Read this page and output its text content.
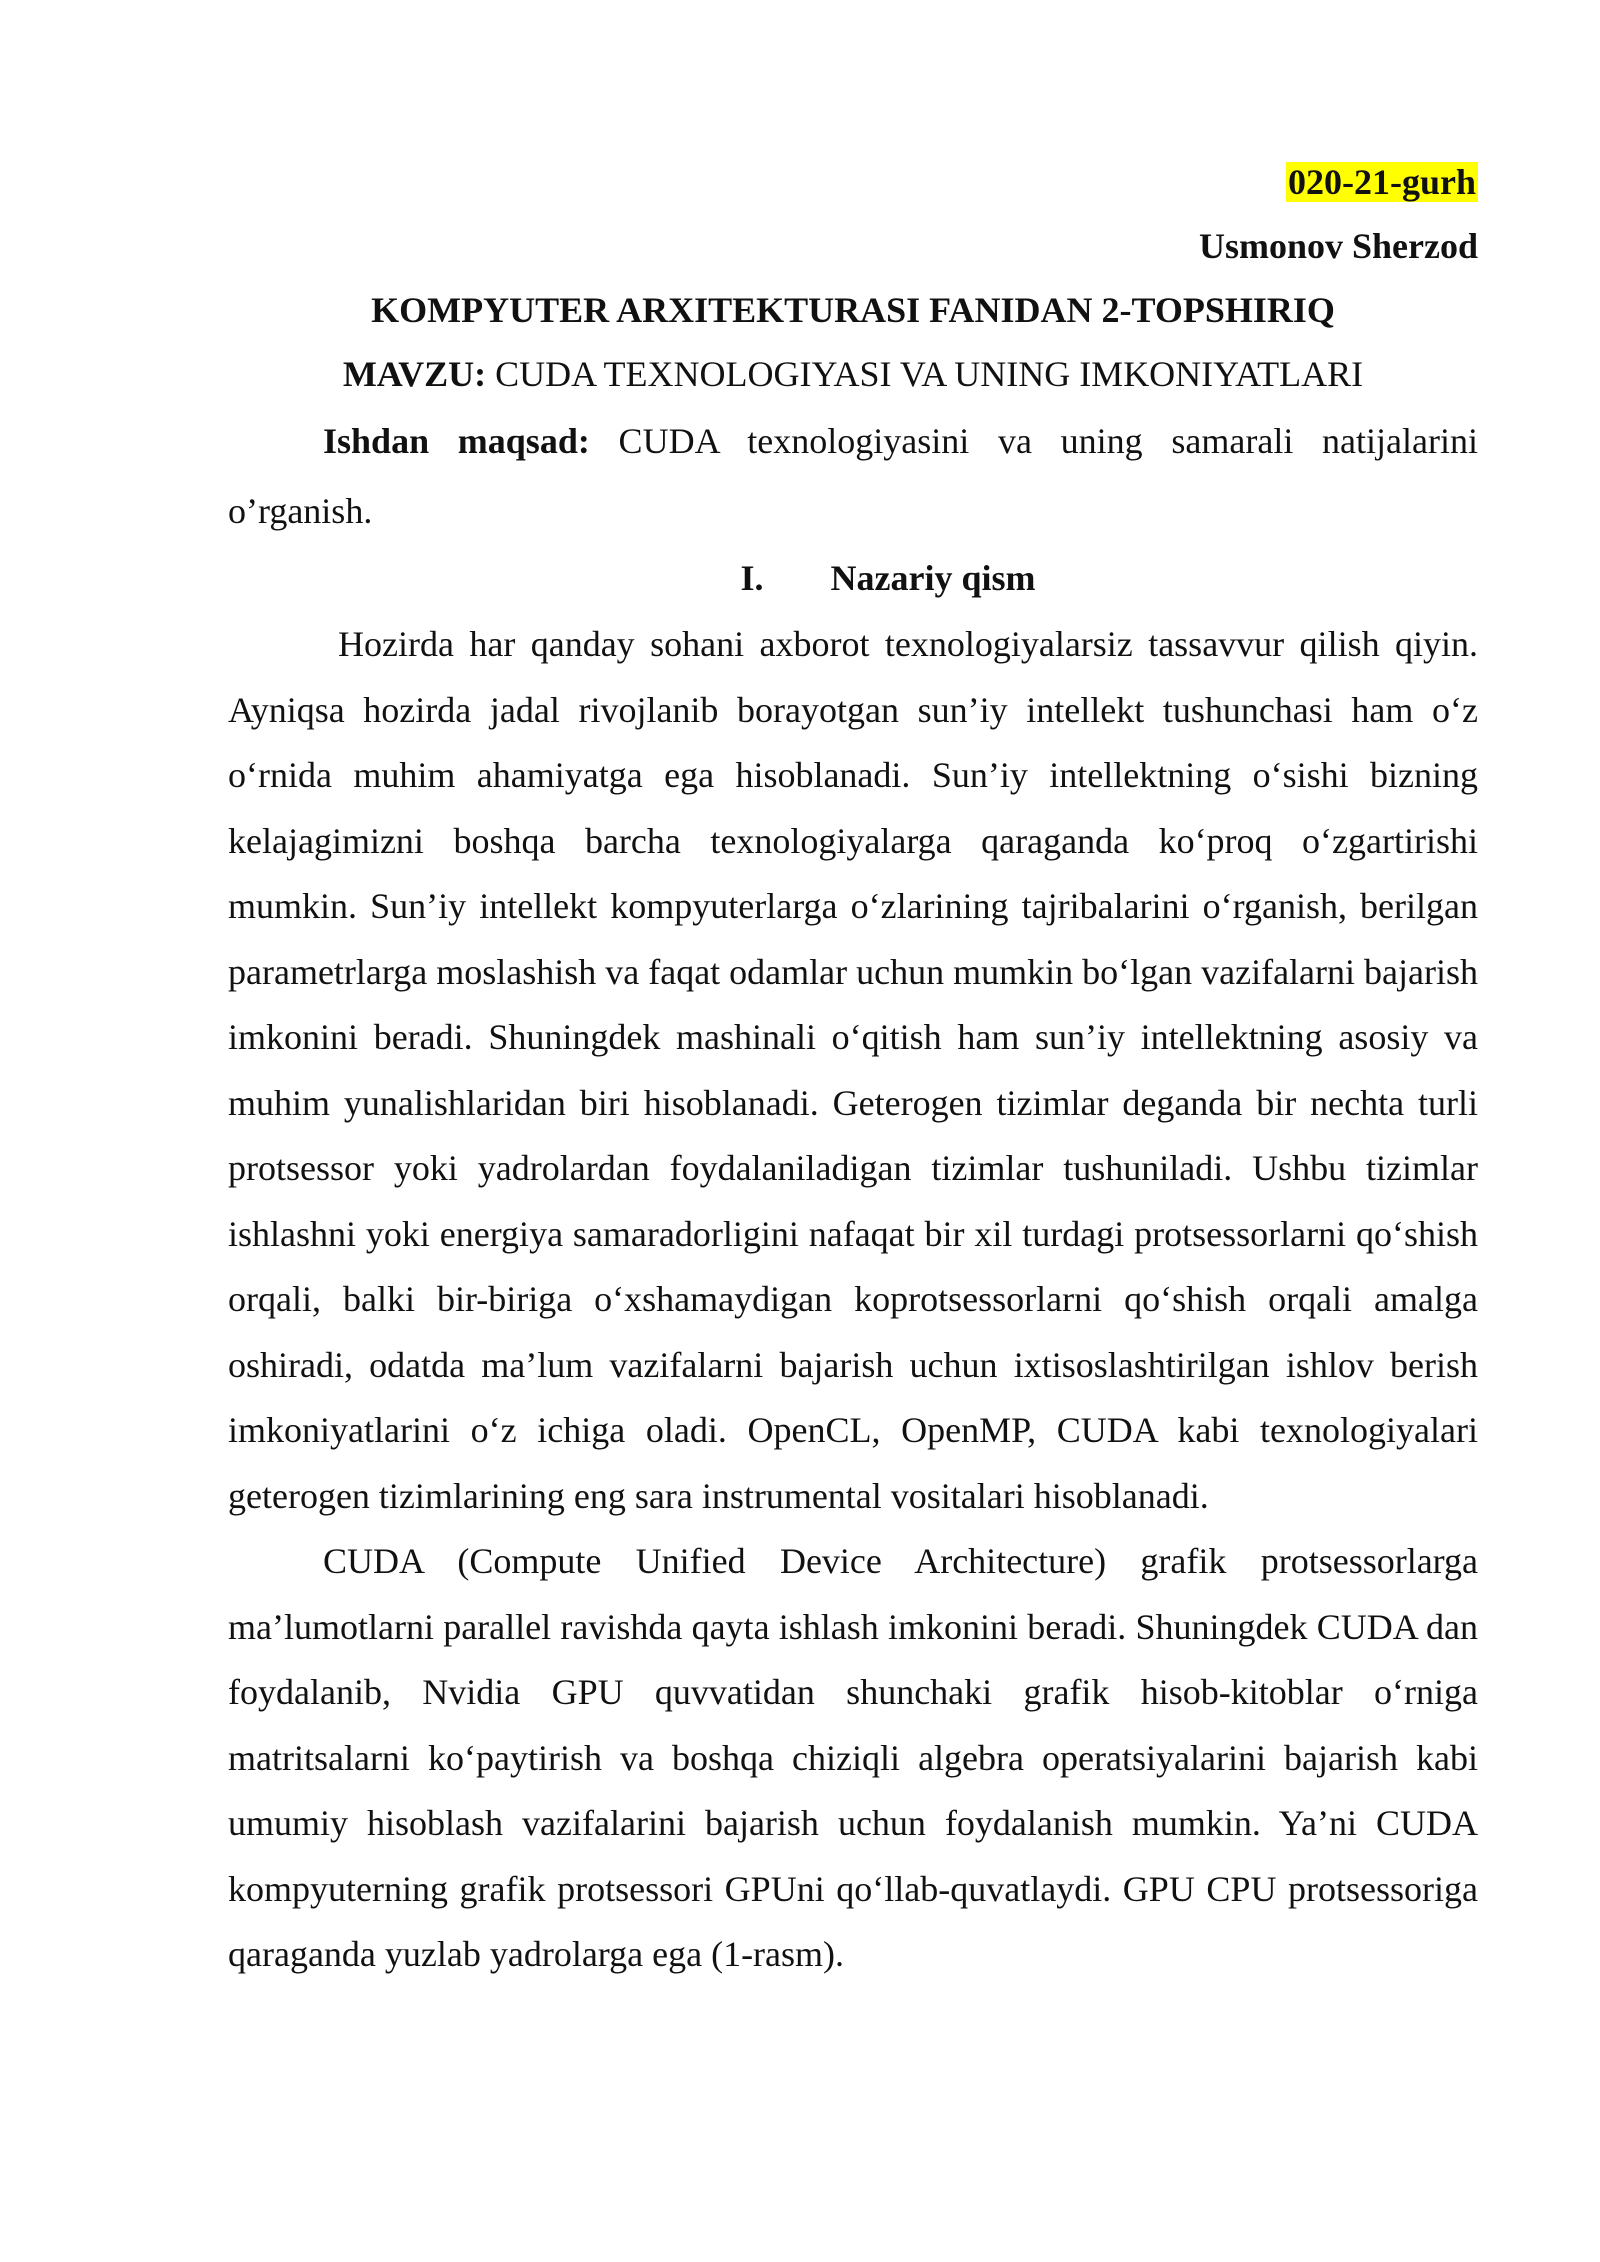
020-21-gurh
Usmonov Sherzod
KOMPYUTER ARXITEKTURASI FANIDAN 2-TOPSHIRIQ
MAVZU: CUDA TEXNOLOGIYASI VA UNING IMKONIYATLARI

Ishdan maqsad: CUDA texnologiyasini va uning samarali natijalarini o’rganish.

I. Nazariy qism

Hozirda har qanday sohani axborot texnologiyalarsiz tassavvur qilish qiyin. Ayniqsa hozirda jadal rivojlanib borayotgan sun’iy intellekt tushunchasi ham oʻz oʻrnida muhim ahamiyatga ega hisoblanadi. Sun’iy intellektning oʻsishi bizning kelajagimizni boshqa barcha texnologiyalarga qaraganda koʻproq oʻzgartirishi mumkin. Sun’iy intellekt kompyuterlarga oʻzlarining tajribalarini oʻrganish, berilgan parametrlarga moslashish va faqat odamlar uchun mumkin boʻlgan vazifalarni bajarish imkonini beradi. Shuningdek mashinali oʻqitish ham sun’iy intellektning asosiy va muhim yunalishlaridan biri hisoblanadi. Geterogen tizimlar deganda bir nechta turli protsessor yoki yadrolardan foydalaniladigan tizimlar tushuniladi. Ushbu tizimlar ishlashni yoki energiya samaradorligini nafaqat bir xil turdagi protsessorlarni qoʻshish orqali, balki bir-biriga oʻxshamaydigan koprotsessorlarni qoʻshish orqali amalga oshiradi, odatda ma’lum vazifalarni bajarish uchun ixtisoslashtirilgan ishlov berish imkoniyatlarini oʻz ichiga oladi. OpenCL, OpenMP, CUDA kabi texnologiyalari geterogen tizimlarining eng sara instrumental vositalari hisoblanadi.

CUDA (Compute Unified Device Architecture) grafik protsessorlarga ma’lumotlarni parallel ravishda qayta ishlash imkonini beradi. Shuningdek CUDA dan foydalanib, Nvidia GPU quvvatidan shunchaki grafik hisob-kitoblar oʻrniga matritsalarni koʻpaytirish va boshqa chiziqli algebra operatsiyalarini bajarish kabi umumiy hisoblash vazifalarini bajarish uchun foydalanish mumkin. Ya’ni CUDA kompyuterning grafik protsessori GPUni qoʻllab-quvatlaydi. GPU CPU protsessoriga qaraganda yuzlab yadrolarga ega (1-rasm).
